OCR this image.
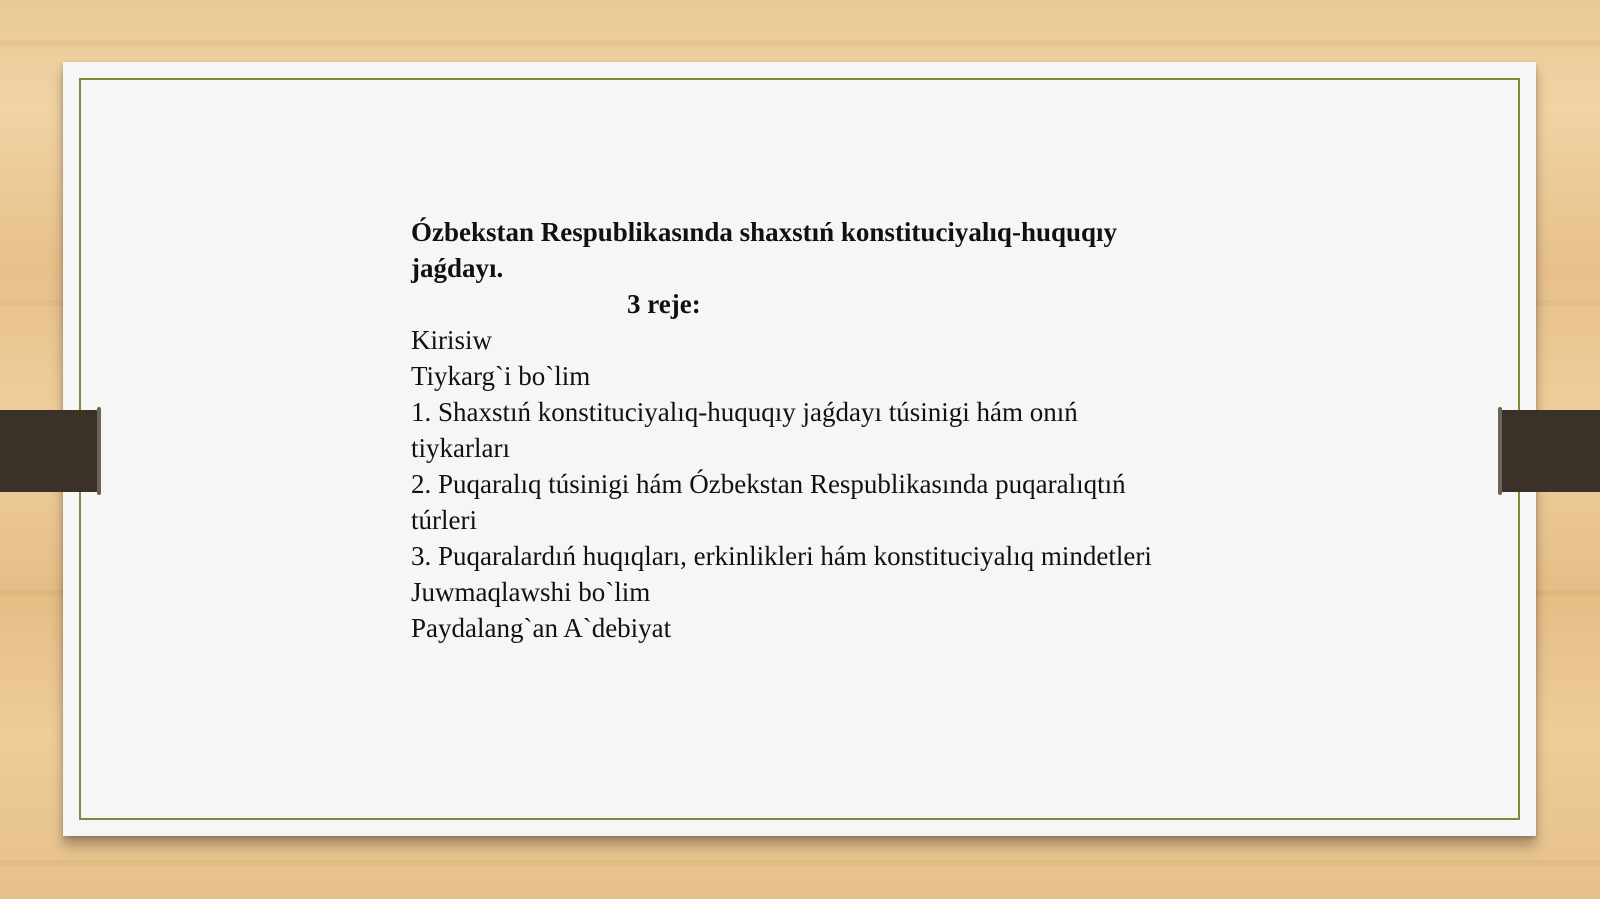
Ózbekstan Respublikasında shaxstıń konstituciyalıq-huquqıy jaǵdayı.

3 reje:

Kirisiw

Tiykarg`i bo`lim

1. Shaxstıń konstituciyalıq-huquqıy jaǵdayı túsinigi hám onıń tiykarları

2. Puqaralıq túsinigi hám Ózbekstan Respublikasında puqaralıqtıń túrleri

3. Puqaralardıń huqıqları, erkinlikleri hám konstituciyalıq mindetleri

Juwmaqlawshi bo`lim

Paydalang`an A`debiyat
